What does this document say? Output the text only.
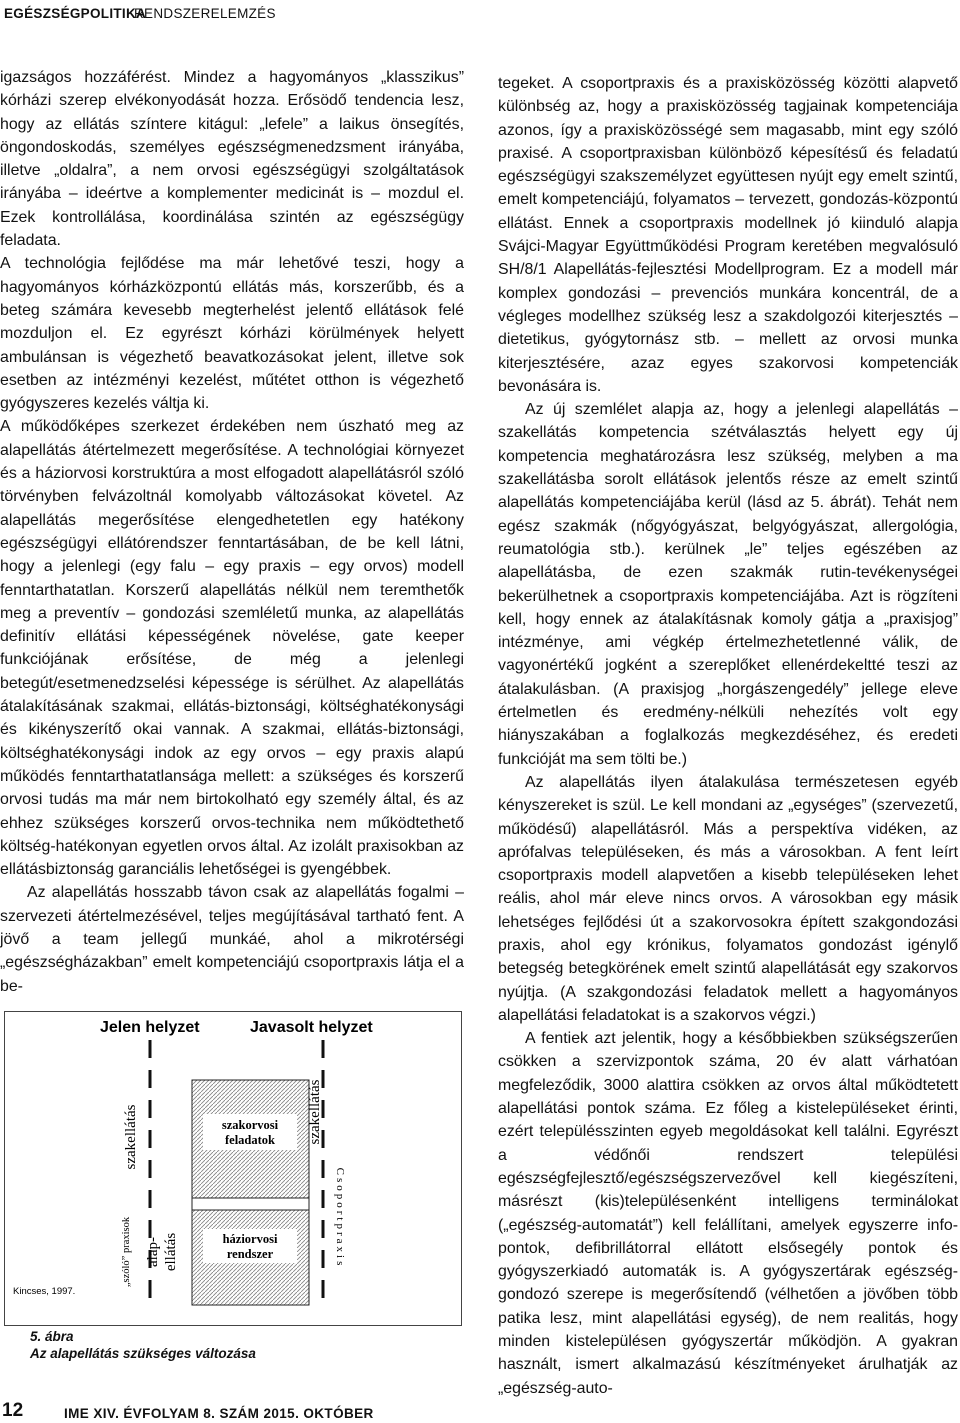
EGÉSZSÉGPOLITIKA
RENDSZERELEMZÉS

igazságos hozzáférést. Mindez a hagyományos „klasszikus” kórházi szerep elvékonyodását hozza. Erősödő tendencia lesz, hogy az ellátás színtere kitágul: „lefele” a laikus önsegítés, öngondoskodás, személyes egészségmenedzsment irányába, illetve „oldalra”, a nem orvosi egészségügyi szolgáltatások irányába – ideértve a komplementer medicinát is – mozdul el. Ezek kontrollálása, koordinálása szintén az egészségügy feladata.

A technológia fejlődése ma már lehetővé teszi, hogy a hagyományos kórházközpontú ellátás más, korszerűbb, és a beteg számára kevesebb megterhelést jelentő ellátások felé mozduljon el. Ez egyrészt kórházi körülmények helyett ambulánsan is végezhető beavatkozásokat jelent, illetve sok esetben az intézményi kezelést, műtétet otthon is végezhető gyógyszeres kezelés váltja ki.

A működőképes szerkezet érdekében nem úszható meg az alapellátás átértelmezett megerősítése. A technológiai környezet és a háziorvosi korstruktúra a most elfogadott alapellátásról szóló törvényben felvázoltnál komolyabb változásokat követel. Az alapellátás megerősítése elengedhetetlen egy hatékony egészségügyi ellátórendszer fenntartásában, de be kell látni, hogy a jelenlegi (egy falu – egy praxis – egy orvos) modell fenntarthatatlan. Korszerű alapellátás nélkül nem teremthetők meg a preventív – gondozási szemléletű munka, az alapellátás definitív ellátási képességének növelése, gate keeper funkciójának erősítése, de még a jelenlegi betegút/esetmenedzselési képessége is sérülhet. Az alapellátás átalakításának szakmai, ellátás-biztonsági, költséghatékonysági és kikényszerítő okai vannak. A szakmai, ellátás-biztonsági, költséghatékonysági indok az egy orvos – egy praxis alapú működés fenntarthatatlansága mellett: a szükséges és korszerű orvosi tudás ma már nem birtokolható egy személy által, és az ehhez szükséges korszerű orvos-technika nem működtethető költség-hatékonyan egyetlen orvos által. Az izolált praxisokban az ellátásbiztonság garanciális lehetőségei is gyengébbek.

Az alapellátás hosszabb távon csak az alapellátás fogalmi – szervezeti átértelmezésével, teljes megújításával tartható fent. A jövő a team jellegű munkáé, ahol a mikrotérségi „egészségházakban” emelt kompetenciájú csoportpraxis látja el a be-

tegeket. A csoportpraxis és a praxisközösség közötti alapvető különbség az, hogy a praxisközösség tagjainak kompetenciája azonos, így a praxisközösségé sem magasabb, mint egy szóló praxisé. A csoportpraxisban különböző képesítésű és feladatú egészségügyi szakszemélyzet együttesen nyújt egy emelt szintű, emelt kompetenciájú, folyamatos – tervezett, gondozás-központú ellátást. Ennek a csoportpraxis modellnek jó kiinduló alapja Svájci-Magyar Együttműködési Program keretében megvalósuló SH/8/1 Alapellátás-fejlesztési Modellprogram. Ez a modell már komplex gondozási – prevenciós munkára koncentrál, de a végleges modellhez szükség lesz a szakdolgozói kiterjesztés – dietetikus, gyógytornász stb. – mellett az orvosi munka kiterjesztésére, azaz egyes szakorvosi kompetenciák bevonására is.

Az új szemlélet alapja az, hogy a jelenlegi alapellátás – szakellátás kompetencia szétválasztás helyett egy új kompetencia meghatározásra lesz szükség, melyben a ma szakellátásba sorolt ellátások jelentős része az emelt szintű alapellátás kompetenciájába kerül (lásd az 5. ábrát). Tehát nem egész szakmák (nőgyógyászat, belgyógyászat, allergológia, reumatológia stb.). kerülnek „le” teljes egészében az alapellátásba, de ezen szakmák rutin-tevékenységei bekerülhetnek a csoportpraxis kompetenciájába. Azt is rögzíteni kell, hogy ennek az átalakításnak komoly gátja a „praxisjog” intézménye, ami végkép értelmezhetetlenné válik, de vagyonértékű jogként a szereplőket ellenérdekeltté teszi az átalakulásban. (A praxisjog „horgászengedély” jellege eleve értelmetlen és eredmény-nélküli nehezítés volt egy hiányszakában a foglalkozás megkezdéséhez, és eredeti funkcióját ma sem tölti be.)

Az alapellátás ilyen átalakulása természetesen egyéb kényszereket is szül. Le kell mondani az „egységes” (szervezetű, működésű) alapellátásról. Más a perspektíva vidéken, az aprófalvas településeken, és más a városokban. A fent leírt csoportpraxis modell alapvetően a kisebb településeken lehet reális, ahol már eleve nincs orvos. A városokban egy másik lehetséges fejlődési út a szakorvosokra épített szakgondozási praxis, ahol egy krónikus, folyamatos gondozást igénylő betegség betegkörének emelt szintű alapellátását egy szakorvos nyújtja. (A szakgondozási feladatok mellett a hagyományos alapellátási feladatokat is a szakorvos végzi.)

A fentiek azt jelentik, hogy a későbbiekben szükségszerűen csökken a szervizpontok száma, 20 év alatt várhatóan megfeleződik, 3000 alattira csökken az orvos által működtetett alapellátási pontok száma. Ez főleg a kistelepüléseket érinti, ezért településszinten egyeb megoldásokat kell találni. Egyrészt a védőnői rendszert települési egészségfejlesztő/egészségszervezővel kell kiegészíteni, másrészt (kis)településenként intelligens terminálokat („egészség-automatát”) kell felállítani, amelyek egyszerre info-pontok, defibrillátorral ellátott elsősegély pontok és gyógyszerkiadó automaták is. A gyógyszertárak egészség-gondozó szerepe is megerősítendő (vélhetően a jövőben több patika lesz, mint alapellátási egység), de nem realitás, hogy minden kistelepülésen gyógyszertár működjön. A gyakran használt, ismert alkalmazású készítményeket árulhatják az „egészség-auto-

Jelen helyzet	Javasolt helyzet
szakorvosi feladatok
háziorvosi rendszer
szakellátás	szakellátás
alap- ellátás
„szóló” praxisok	Csoportpraxis
Kincses, 1997.
5. ábra
Az alapellátás szükséges változása
12	IME XIV. ÉVFOLYAM 8. SZÁM 2015. OKTÓBER
